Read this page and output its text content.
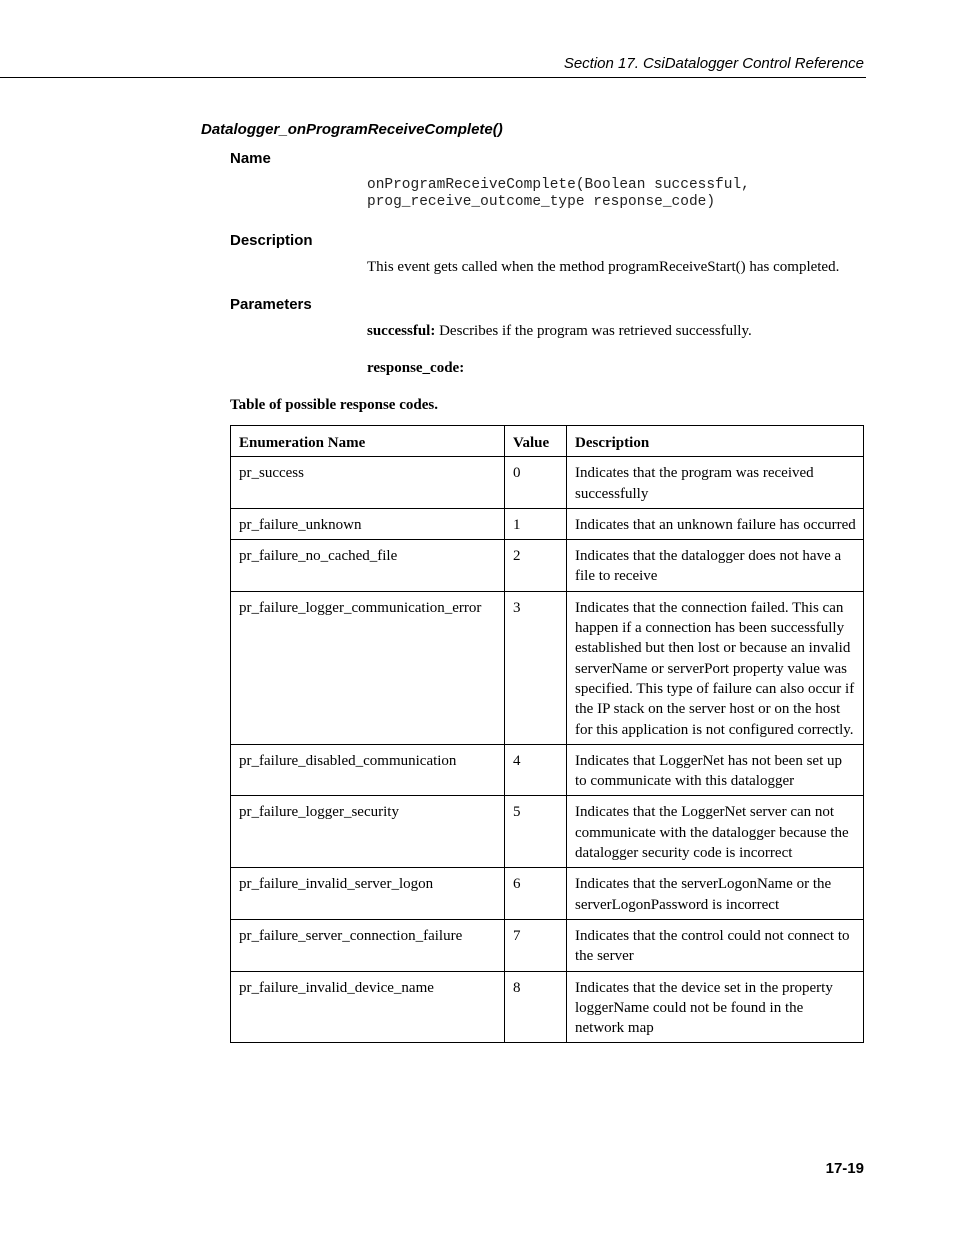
Section 17. CsiDatalogger Control Reference
Datalogger_onProgramReceiveComplete()
Name
onProgramReceiveComplete(Boolean successful,
prog_receive_outcome_type response_code)
Description
This event gets called when the method programReceiveStart() has completed.
Parameters
successful: Describes if the program was retrieved successfully.
response_code:
Table of possible response codes.
Enumeration Name	Value	Description
pr_success	0	Indicates that the program was received successfully
pr_failure_unknown	1	Indicates that an unknown failure has occurred
pr_failure_no_cached_file	2	Indicates that the datalogger does not have a file to receive
pr_failure_logger_communication_error	3	Indicates that the connection failed. This can happen if a connection has been successfully established but then lost or because an invalid serverName or serverPort property value was specified. This type of failure can also occur if the IP stack on the server host or on the host for this application is not configured correctly.
pr_failure_disabled_communication	4	Indicates that LoggerNet has not been set up to communicate with this datalogger
pr_failure_logger_security	5	Indicates that the LoggerNet server can not communicate with the datalogger because the datalogger security code is incorrect
pr_failure_invalid_server_logon	6	Indicates that the serverLogonName or the serverLogonPassword is incorrect
pr_failure_server_connection_failure	7	Indicates that the control could not connect to the server
pr_failure_invalid_device_name	8	Indicates that the device set in the property loggerName could not be found in the network map
17-19
